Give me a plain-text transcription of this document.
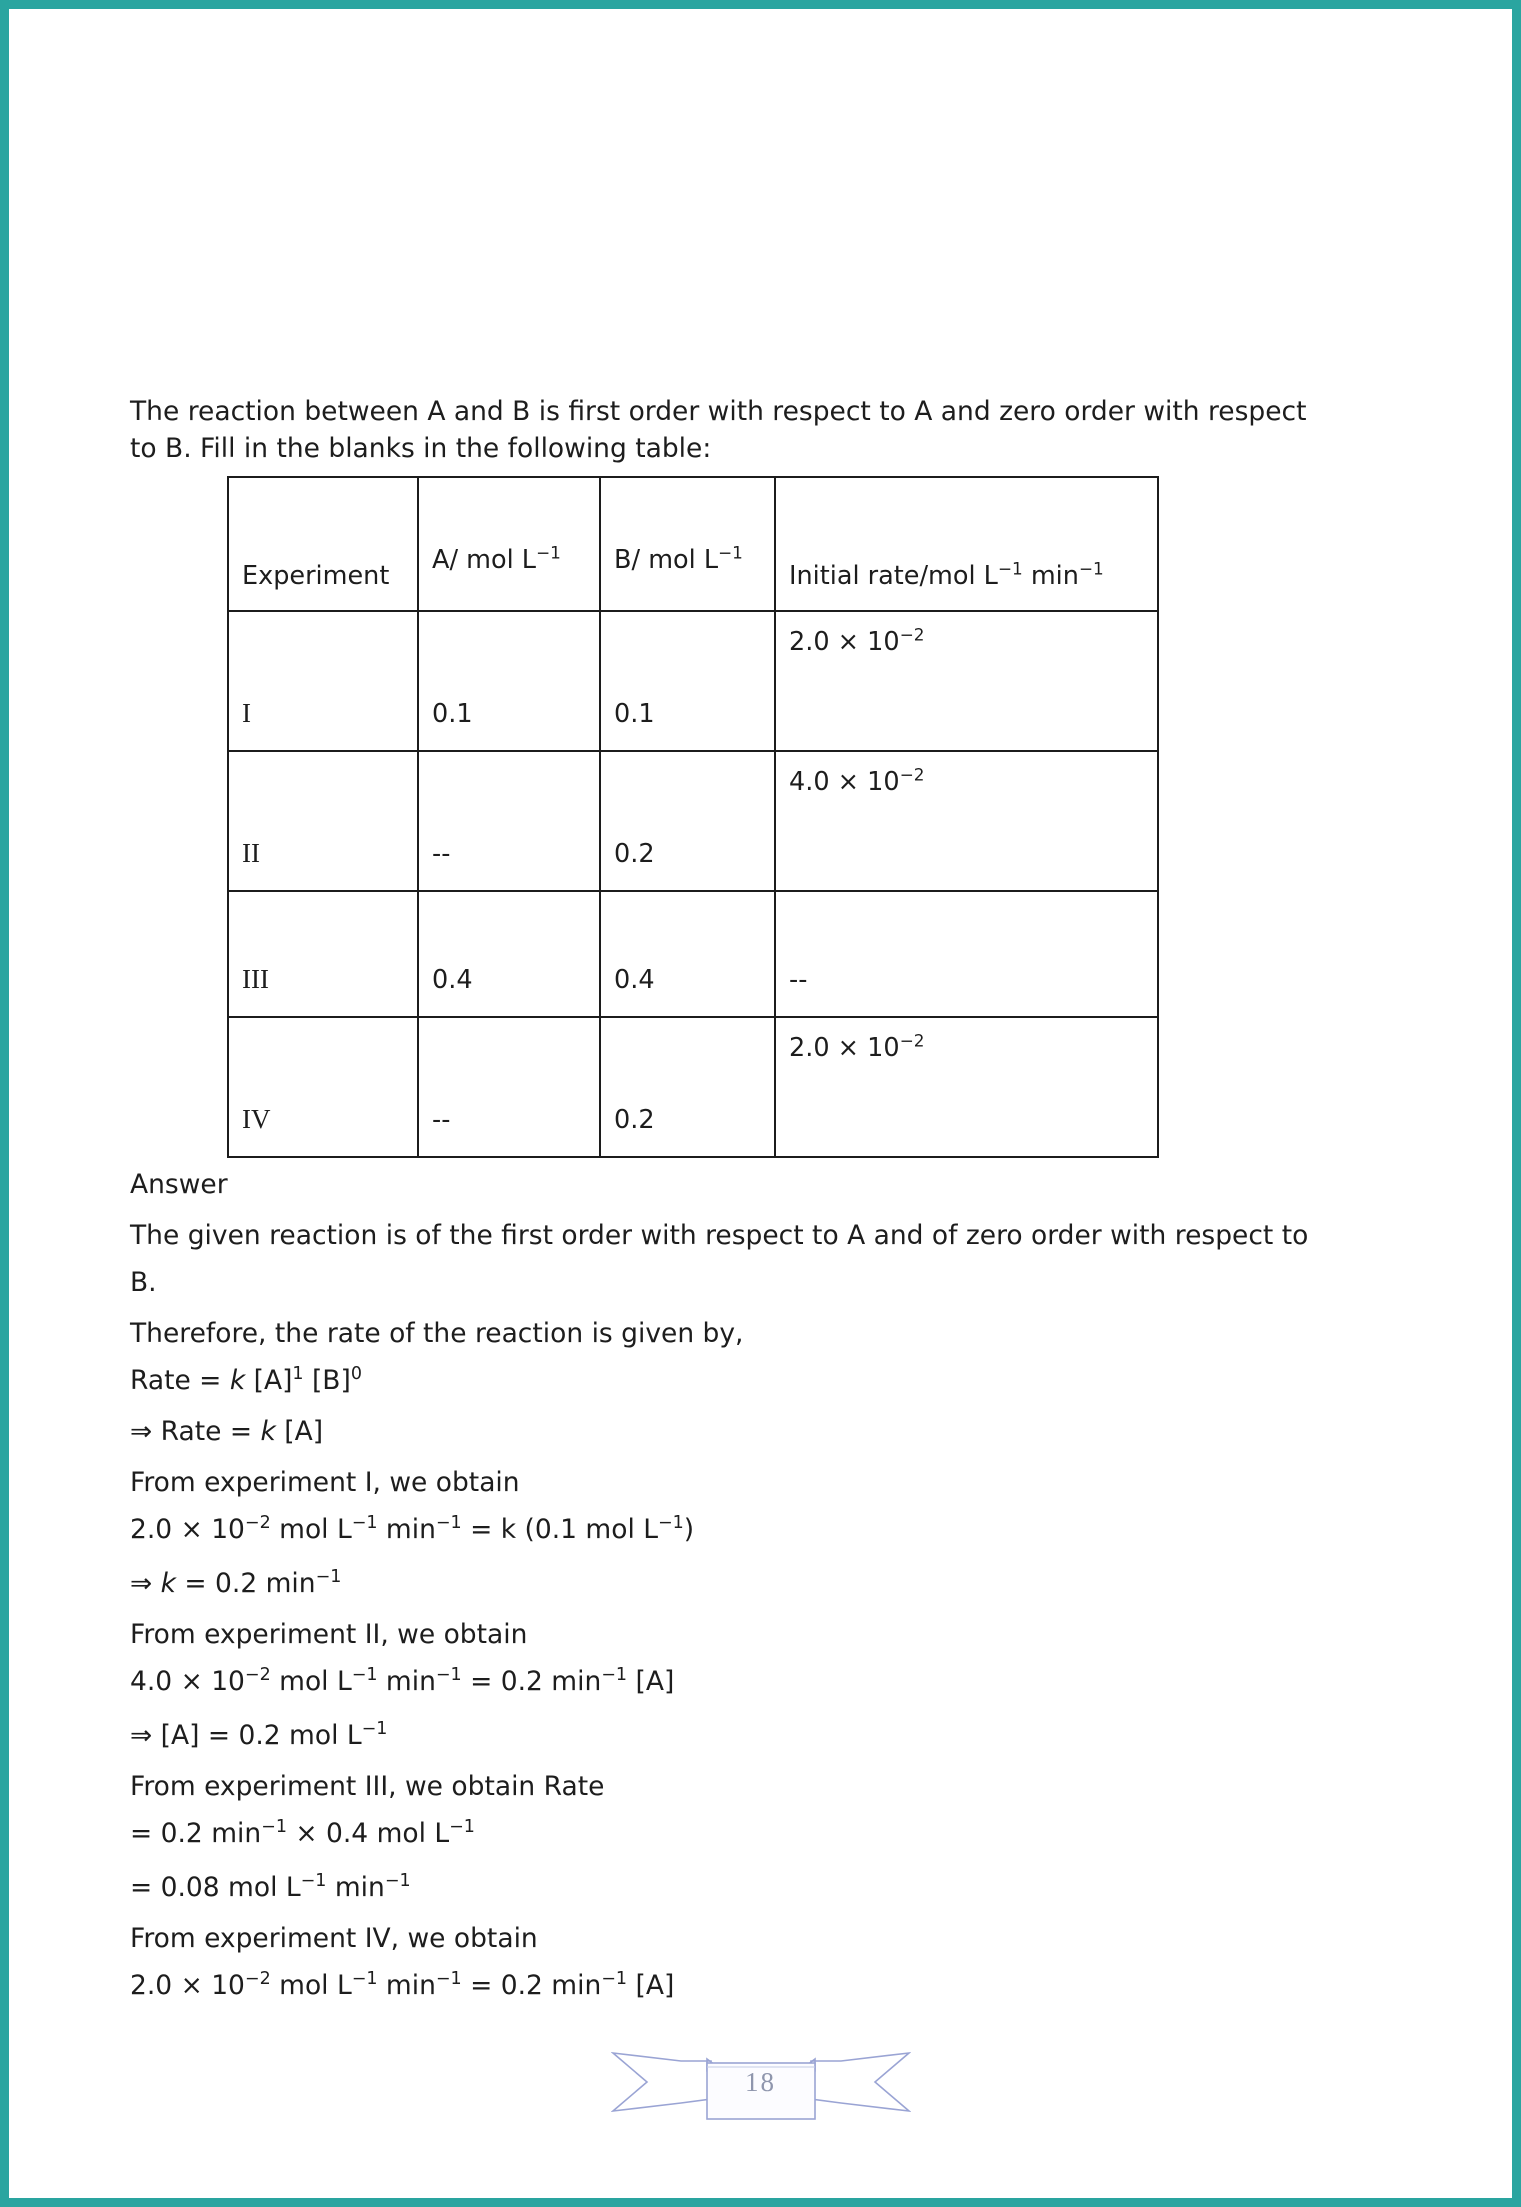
The reaction between A and B is first order with respect to A and zero order with respect
to B. Fill in the blanks in the following table:

Experiment	A/ mol $L^{-1}$	B/ mol $L^{-1}$	Initial rate/mol $L^{-1}$ $\min^{-1}$
I	0.1	0.1	$2.0 \times 10^{-2}$
II	--	0.2	$4.0 \times 10^{-2}$
III	0.4	0.4	--
IV	--	0.2	$2.0 \times 10^{-2}$

Answer

The given reaction is of the first order with respect to A and of zero order with respect to

B.

Therefore, the rate of the reaction is given by,

Rate = k $[A]^1$ $[B]^0$

⇒ Rate = k [A]

From experiment I, we obtain

$2.0 \times 10^{-2}$ mol $L^{-1}$ $\min^{-1} = k$ (0.1 mol $L^{-1}$)

⇒ k = 0.2 $\min^{-1}$

From experiment II, we obtain

$4.0 \times 10^{-2}$ mol $L^{-1}$ $\min^{-1} = 0.2$ $\min^{-1} [A]$

⇒ [A] = 0.2 mol $L^{-1}$

From experiment III, we obtain Rate

= 0.2 $\min^{-1} \times 0.4$ mol $L^{-1}$

= 0.08 mol $L^{-1}$ $\min^{-1}$

From experiment IV, we obtain

$2.0 \times 10^{-2}$ mol $L^{-1}$ $\min^{-1} = 0.2$ $\min^{-1} [A]$

18
